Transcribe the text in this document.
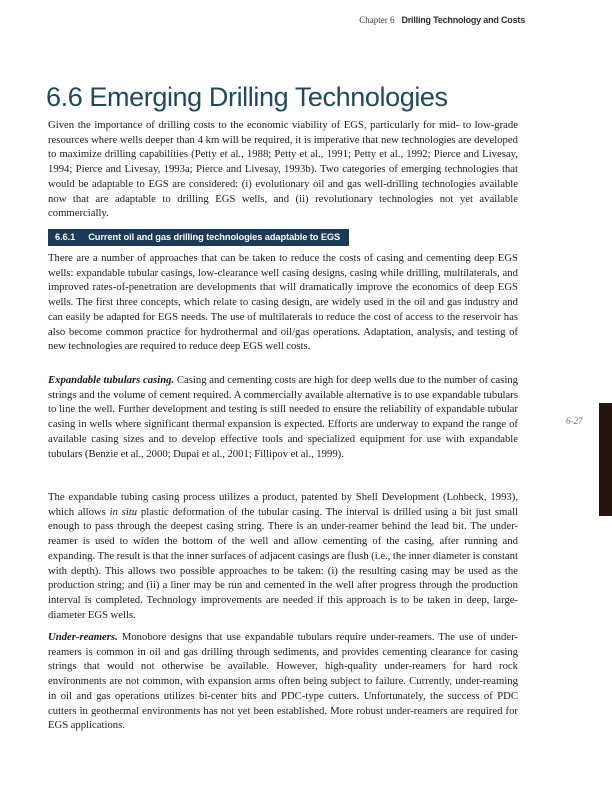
Chapter 6 Drilling Technology and Costs
6.6 Emerging Drilling Technologies

Given the importance of drilling costs to the economic viability of EGS, particularly for mid- to low-grade resources where wells deeper than 4 km will be required, it is imperative that new technologies are developed to maximize drilling capabilities (Petty et al., 1988; Petty et al., 1991; Petty et al., 1992; Pierce and Livesay, 1994; Pierce and Livesay, 1993a; Pierce and Livesay, 1993b). Two categories of emerging technologies that would be adaptable to EGS are considered: (i) evolutionary oil and gas well-drilling technologies available now that are adaptable to drilling EGS wells, and (ii) revolutionary technologies not yet available commercially.

6.6.1 Current oil and gas drilling technologies adaptable to EGS

There are a number of approaches that can be taken to reduce the costs of casing and cementing deep EGS wells: expandable tubular casings, low-clearance well casing designs, casing while drilling, multilaterals, and improved rates-of-penetration are developments that will dramatically improve the economics of deep EGS wells. The first three concepts, which relate to casing design, are widely used in the oil and gas industry and can easily be adapted for EGS needs. The use of multilaterals to reduce the cost of access to the reservoir has also become common practice for hydrothermal and oil/gas operations. Adaptation, analysis, and testing of new technologies are required to reduce deep EGS well costs.

Expandable tubulars casing. Casing and cementing costs are high for deep wells due to the number of casing strings and the volume of cement required. A commercially available alternative is to use expandable tubulars to line the well. Further development and testing is still needed to ensure the reliability of expandable tubular casing in wells where significant thermal expansion is expected. Efforts are underway to expand the range of available casing sizes and to develop effective tools and specialized equipment for use with expandable tubulars (Benzie et al., 2000; Dupai et al., 2001; Fillipov et al., 1999).

The expandable tubing casing process utilizes a product, patented by Shell Development (Lohbeck, 1993), which allows in situ plastic deformation of the tubular casing. The interval is drilled using a bit just small enough to pass through the deepest casing string. There is an under-reamer behind the lead bit. The under-reamer is used to widen the bottom of the well and allow cementing of the casing, after running and expanding. The result is that the inner surfaces of adjacent casings are flush (i.e., the inner diameter is constant with depth). This allows two possible approaches to be taken: (i) the resulting casing may be used as the production string; and (ii) a liner may be run and cemented in the well after progress through the production interval is completed. Technology improvements are needed if this approach is to be taken in deep, large-diameter EGS wells.

Under-reamers. Monobore designs that use expandable tubulars require under-reamers. The use of under-reamers is common in oil and gas drilling through sediments, and provides cementing clearance for casing strings that would not otherwise be available. However, high-quality under-reamers for hard rock environments are not common, with expansion arms often being subject to failure. Currently, under-reaming in oil and gas operations utilizes bi-center bits and PDC-type cutters. Unfortunately, the success of PDC cutters in geothermal environments has not yet been established. More robust under-reamers are required for EGS applications.

6-27
